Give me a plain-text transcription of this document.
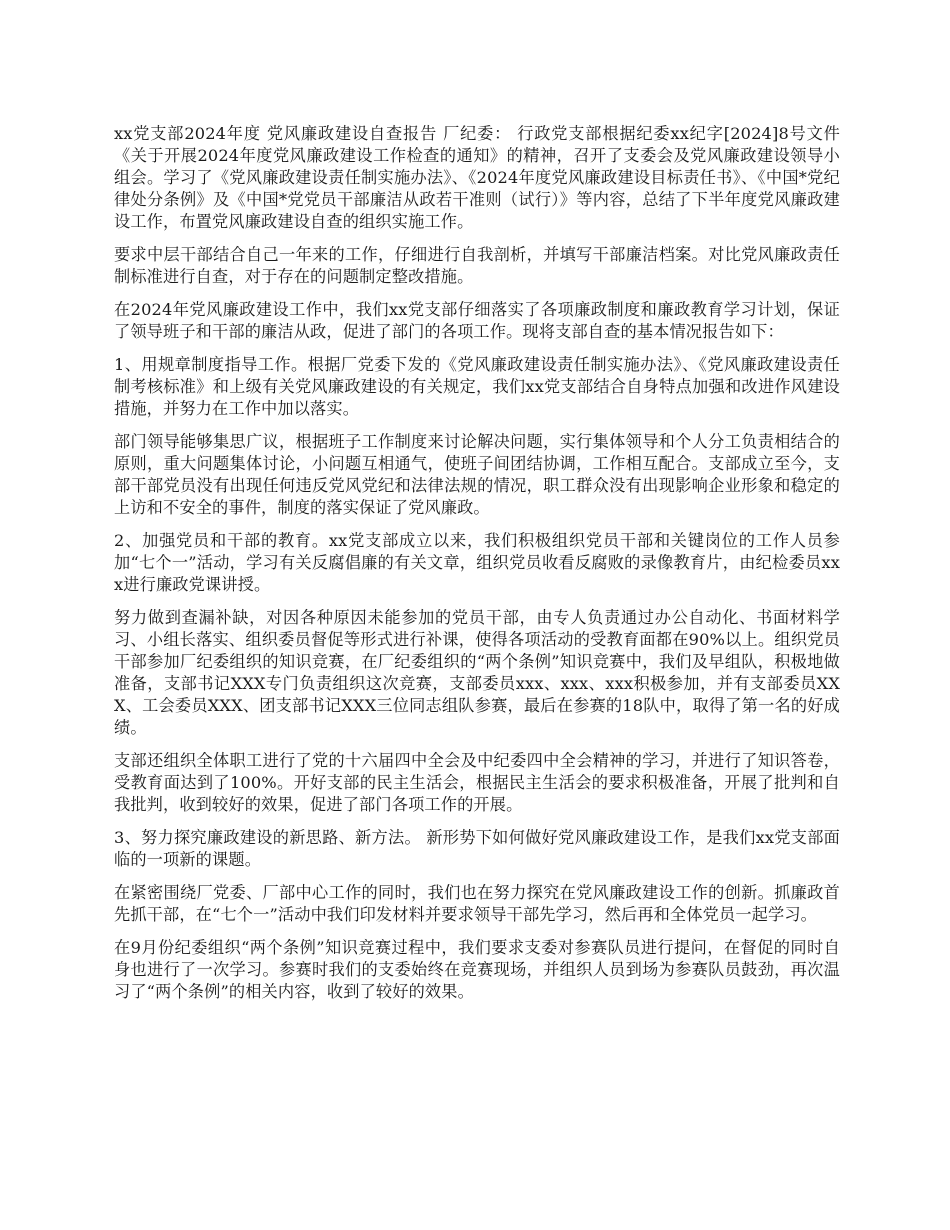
xx党支部2024年度 党风廉政建设自查报告 厂纪委： 行政党支部根据纪委xx纪字[2024]8号文件《关于开展2024年度党风廉政建设工作检查的通知》的精神，召开了支委会及党风廉政建设领导小组会。学习了《党风廉政建设责任制实施办法》、《2024年度党风廉政建设目标责任书》、《中国*党纪律处分条例》及《中国*党党员干部廉洁从政若干准则（试行）》等内容，总结了下半年度党风廉政建设工作，布置党风廉政建设自查的组织实施工作。

要求中层干部结合自己一年来的工作，仔细进行自我剖析，并填写干部廉洁档案。对比党风廉政责任制标准进行自查，对于存在的问题制定整改措施。

在2024年党风廉政建设工作中，我们xx党支部仔细落实了各项廉政制度和廉政教育学习计划，保证了领导班子和干部的廉洁从政，促进了部门的各项工作。现将支部自查的基本情况报告如下：

1、用规章制度指导工作。根据厂党委下发的《党风廉政建设责任制实施办法》、《党风廉政建设责任制考核标准》和上级有关党风廉政建设的有关规定，我们xx党支部结合自身特点加强和改进作风建设措施，并努力在工作中加以落实。

部门领导能够集思广议，根据班子工作制度来讨论解决问题，实行集体领导和个人分工负责相结合的原则，重大问题集体讨论，小问题互相通气，使班子间团结协调，工作相互配合。支部成立至今，支部干部党员没有出现任何违反党风党纪和法律法规的情况，职工群众没有出现影响企业形象和稳定的上访和不安全的事件，制度的落实保证了党风廉政。

2、加强党员和干部的教育。xx党支部成立以来，我们积极组织党员干部和关键岗位的工作人员参加“七个一”活动，学习有关反腐倡廉的有关文章，组织党员收看反腐败的录像教育片，由纪检委员xxx进行廉政党课讲授。

努力做到查漏补缺，对因各种原因未能参加的党员干部，由专人负责通过办公自动化、书面材料学习、小组长落实、组织委员督促等形式进行补课，使得各项活动的受教育面都在90%以上。组织党员干部参加厂纪委组织的知识竞赛，在厂纪委组织的“两个条例”知识竞赛中，我们及早组队，积极地做准备，支部书记XXX专门负责组织这次竞赛，支部委员xxx、xxx、xxx积极参加，并有支部委员XXX、工会委员XXX、团支部书记XXX三位同志组队参赛，最后在参赛的18队中，取得了第一名的好成绩。

支部还组织全体职工进行了党的十六届四中全会及中纪委四中全会精神的学习，并进行了知识答卷，受教育面达到了100%。开好支部的民主生活会，根据民主生活会的要求积极准备，开展了批判和自我批判，收到较好的效果，促进了部门各项工作的开展。

3、努力探究廉政建设的新思路、新方法。 新形势下如何做好党风廉政建设工作，是我们xx党支部面临的一项新的课题。

在紧密围绕厂党委、厂部中心工作的同时，我们也在努力探究在党风廉政建设工作的创新。抓廉政首先抓干部，在“七个一”活动中我们印发材料并要求领导干部先学习，然后再和全体党员一起学习。

在9月份纪委组织“两个条例”知识竞赛过程中，我们要求支委对参赛队员进行提问，在督促的同时自身也进行了一次学习。参赛时我们的支委始终在竞赛现场，并组织人员到场为参赛队员鼓劲，再次温习了“两个条例”的相关内容，收到了较好的效果。
